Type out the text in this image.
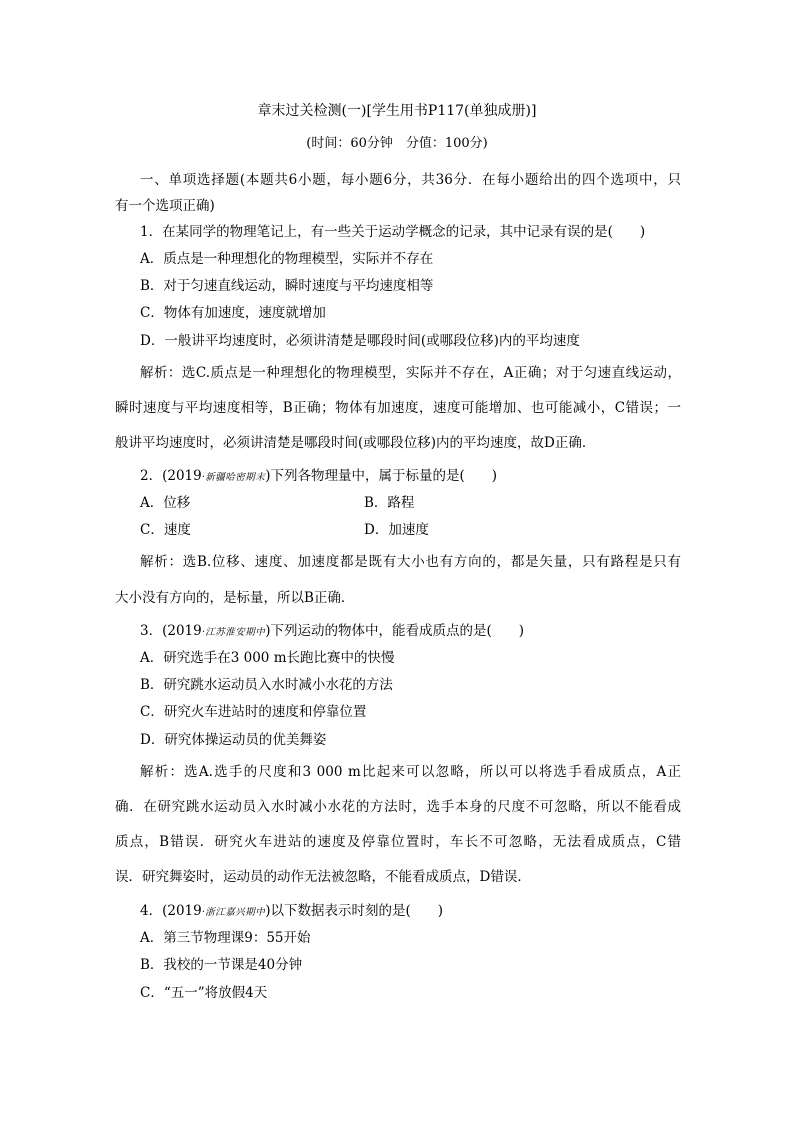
章末过关检测(一)[学生用书P117(单独成册)]
(时间：60分钟　分值：100分)
一、单项选择题(本题共6小题，每小题6分，共36分．在每小题给出的四个选项中，只
有一个选项正确)
1．在某同学的物理笔记上，有一些关于运动学概念的记录，其中记录有误的是(　　)
A．质点是一种理想化的物理模型，实际并不存在
B．对于匀速直线运动，瞬时速度与平均速度相等
C．物体有加速度，速度就增加
D．一般讲平均速度时，必须讲清楚是哪段时间(或哪段位移)内的平均速度
解析：选C.质点是一种理想化的物理模型，实际并不存在，A正确；对于匀速直线运动，
瞬时速度与平均速度相等，B正确；物体有加速度，速度可能增加、也可能减小，C错误；一
般讲平均速度时，必须讲清楚是哪段时间(或哪段位移)内的平均速度，故D正确．
2．(2019·新疆哈密期末)下列各物理量中，属于标量的是(　　)
A．位移	B．路程
C．速度	D．加速度
解析：选B.位移、速度、加速度都是既有大小也有方向的，都是矢量，只有路程是只有
大小没有方向的，是标量，所以B正确．
3．(2019·江苏淮安期中)下列运动的物体中，能看成质点的是(　　)
A．研究选手在3 000 m长跑比赛中的快慢
B．研究跳水运动员入水时减小水花的方法
C．研究火车进站时的速度和停靠位置
D．研究体操运动员的优美舞姿
解析：选A.选手的尺度和3 000 m比起来可以忽略，所以可以将选手看成质点，A正
确．在研究跳水运动员入水时减小水花的方法时，选手本身的尺度不可忽略，所以不能看成
质点，B错误．研究火车进站的速度及停靠位置时，车长不可忽略，无法看成质点，C错
误．研究舞姿时，运动员的动作无法被忽略，不能看成质点，D错误．
4．(2019·浙江嘉兴期中)以下数据表示时刻的是(　　)
A．第三节物理课9：55开始
B．我校的一节课是40分钟
C．“五一”将放假4天
